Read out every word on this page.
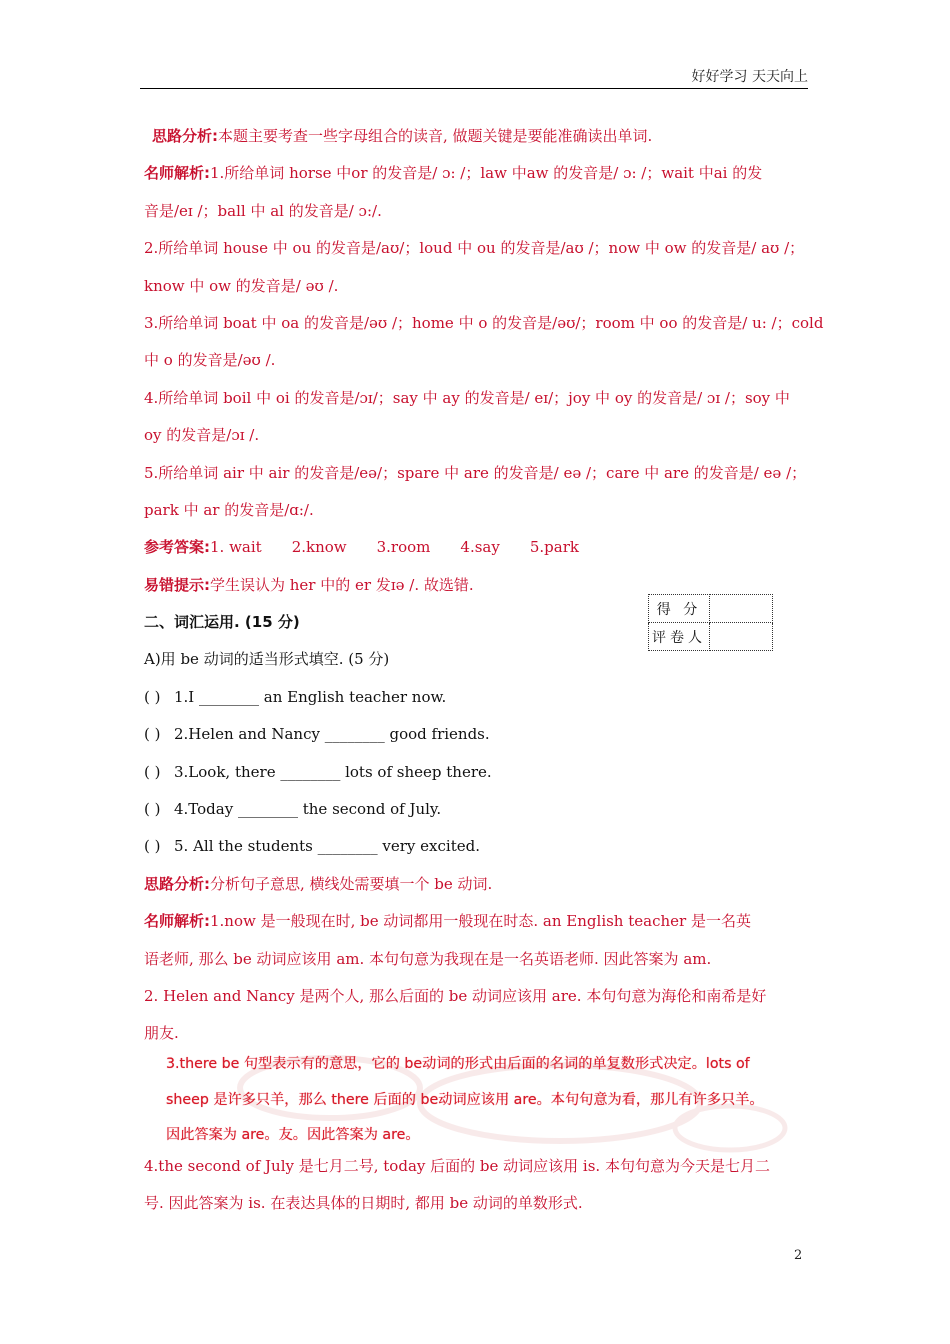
好好学习 天天向上
思路分析:本题主要考查一些字母组合的读音, 做题关键是要能准确读出单词.
名师解析:1.所给单词 horse 中or 的发音是/ ɔ: /；law 中aw 的发音是/ ɔ: /；wait 中ai 的发
音是/eɪ /；ball 中 al 的发音是/ ɔ:/.
2.所给单词 house 中 ou 的发音是/aʊ/；loud 中 ou 的发音是/aʊ /；now 中 ow 的发音是/ aʊ /；
know 中 ow 的发音是/ əʊ /.
3.所给单词 boat 中 oa 的发音是/əʊ /；home 中 o 的发音是/əʊ/；room 中 oo 的发音是/ u: /；cold
中 o 的发音是/əʊ /.
4.所给单词 boil 中 oi 的发音是/ɔɪ/；say 中 ay 的发音是/ eɪ/；joy 中 oy 的发音是/ ɔɪ /；soy 中
oy 的发音是/ɔɪ /.
5.所给单词 air 中 air 的发音是/eə/；spare 中 are 的发音是/ eə /；care 中 are 的发音是/ eə /；
park 中 ar 的发音是/ɑ:/.
参考答案:1. wait 2.know 3.room 4.say 5.park
易错提示:学生误认为 her 中的 er 发ɪə /. 故选错.
二、词汇运用. (15 分)
A)用 be 动词的适当形式填空. (5 分)
( ) 1.I ________ an English teacher now.
( ) 2.Helen and Nancy ________ good friends.
( ) 3.Look, there ________ lots of sheep there.
( ) 4.Today ________ the second of July.
( ) 5. All the students ________ very excited.
思路分析:分析句子意思, 横线处需要填一个 be 动词.
名师解析:1.now 是一般现在时, be 动词都用一般现在时态. an English teacher 是一名英
语老师, 那么 be 动词应该用 am. 本句句意为我现在是一名英语老师. 因此答案为 am.
2. Helen and Nancy 是两个人, 那么后面的 be 动词应该用 are. 本句句意为海伦和南希是好
朋友.
3.there be 句型表示有的意思，它的 be动词的形式由后面的名词的单复数形式决定。lots of
sheep 是许多只羊，那么 there 后面的 be动词应该用 are。本句句意为看，那儿有许多只羊。
因此答案为 are。友。因此答案为 are。
4.the second of July 是七月二号, today 后面的 be 动词应该用 is. 本句句意为今天是七月二
号. 因此答案为 is. 在表达具体的日期时, 都用 be 动词的单数形式.
得 分	
评卷人	
2
